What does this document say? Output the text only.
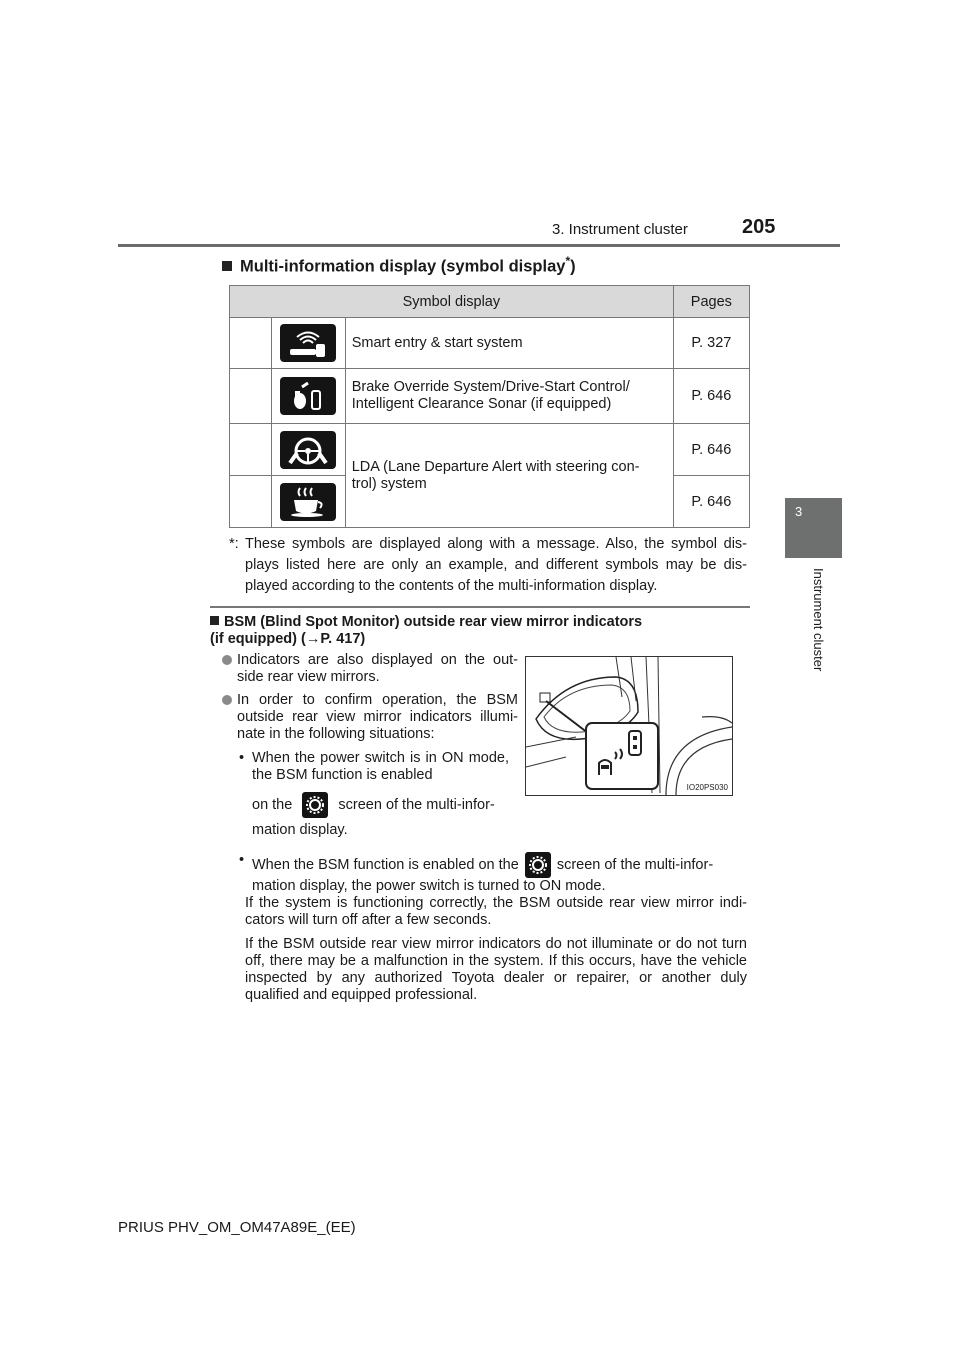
3. Instrument cluster	205
3
Instrument cluster
Multi-information display (symbol display*)
Symbol display			Pages

	Smart entry & start system	P. 327

	Brake Override System/Drive-Start Control/ Intelligent Clearance Sonar (if equipped)	P. 646

	LDA (Lane Departure Alert with steering con- trol) system	P. 646

	P. 646
*: These symbols are displayed along with a message. Also, the symbol dis- plays listed here are only an example, and different symbols may be dis- played according to the contents of the multi-information display.
BSM (Blind Spot Monitor) outside rear view mirror indicators
(if equipped) (→P. 417)
Indicators are also displayed on the out- side rear view mirrors.
In order to confirm operation, the BSM outside rear view mirror indicators illumi- nate in the following situations:
• When the power switch is in ON mode, the BSM function is enabled
on the	screen of the multi-infor-
mation display.
IO20PS030
• When the BSM function is enabled on the	screen of the multi-infor-
mation display, the power switch is turned to ON mode.
If the system is functioning correctly, the BSM outside rear view mirror indi- cators will turn off after a few seconds.
If the BSM outside rear view mirror indicators do not illuminate or do not turn off, there may be a malfunction in the system. If this occurs, have the vehicle inspected by any authorized Toyota dealer or repairer, or another duly qualified and equipped professional.
PRIUS PHV_OM_OM47A89E_(EE)
